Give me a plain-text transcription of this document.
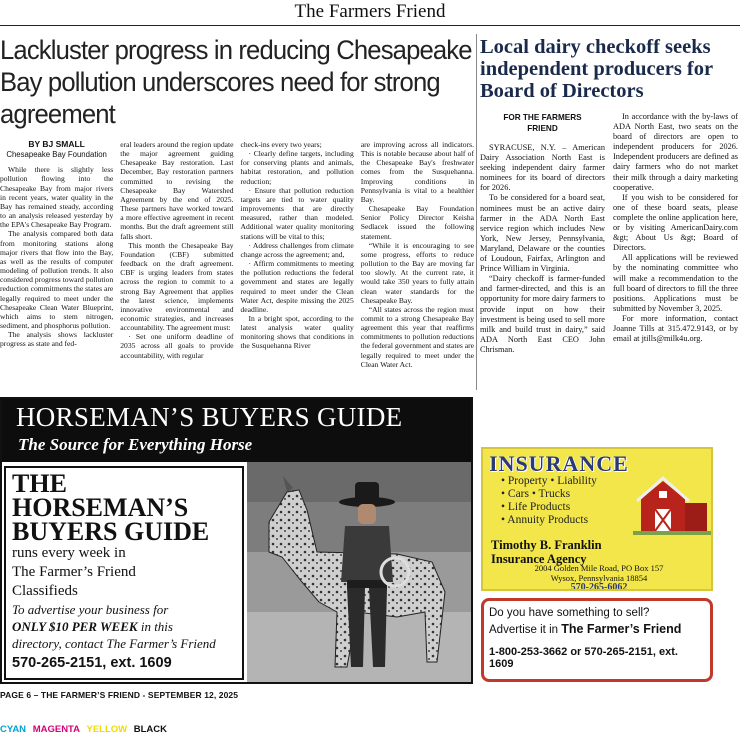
The Farmers Friend
Lackluster progress in reducing Chesapeake Bay pollution underscores need for strong agreement
BY BJ SMALL
Chesapeake Bay Foundation

While there is slightly less pollution flowing into the Chesapeake Bay from major rivers in recent years, water quality in the Bay has remained steady, according to an analysis released yesterday by the EPA's Chesapeake Bay Program.

The analysis compared both data from monitoring stations along major rivers that flow into the Bay, as well as the results of computer modeling of pollution trends. It also considered progress toward pollution reduction commitments the states are legally required to meet under the Chesapeake Clean Water Blueprint, which aims to stem nitrogen, sediment, and phosphorus pollution.

The analysis shows lackluster progress as state and fed-

eral leaders around the region update the major agreement guiding Chesapeake Bay restoration. Last December, Bay restoration partners committed to revising the Chesapeake Bay Watershed Agreement by the end of 2025. These partners have worked toward a more effective agreement in recent months. But the draft agreement still falls short.

This month the Chesapeake Bay Foundation (CBF) submitted feedback on the draft agreement. CBF is urging leaders from states across the region to commit to a strong Bay Agreement that applies the latest science, implements innovative environmental and economic strategies, and increases accountability. The agreement must:

· Set one uniform deadline of 2035 across all goals to provide accountability, with regular

check-ins every two years;

· Clearly define targets, including for conserving plants and animals, habitat restoration, and pollution reduction;

· Ensure that pollution reduction targets are tied to water quality improvements that are directly measured, rather than modeled. Additional water quality monitoring stations will be vital to this;

· Address challenges from climate change across the agreement; and,

· Affirm commitments to meeting the pollution reductions the federal government and states are legally required to meet under the Clean Water Act, despite missing the 2025 deadline.

In a bright spot, according to the latest analysis water quality monitoring shows that conditions in the Susquehanna River

are improving across all indicators. This is notable because about half of the Chesapeake Bay's freshwater comes from the Susquehanna. Improving conditions in Pennsylvania is vital to a healthier Bay.

Chesapeake Bay Foundation Senior Policy Director Keisha Sedlacek issued the following statement.

“While it is encouraging to see some progress, efforts to reduce pollution to the Bay are moving far too slowly. At the current rate, it would take 350 years to fully attain clean water standards for the Chesapeake Bay.

“All states across the region must commit to a strong Chesapeake Bay agreement this year that reaffirms commitments to pollution reductions the federal government and states are legally required to meet under the Clean Water Act.

Local dairy checkoff seeks independent producers for Board of Directors
FOR THE FARMERS
FRIEND

SYRACUSE, N.Y. – American Dairy Association North East is seeking independent dairy farmer nominees for its board of directors for 2026.

To be considered for a board seat, nominees must be an active dairy farmer in the ADA North East service region which includes New York, New Jersey, Pennsylvania, Maryland, Delaware or the counties of Loudoun, Fairfax, Arlington and Prince William in Virginia.

“Dairy checkoff is farmer-funded and farmer-directed, and this is an opportunity for more dairy farmers to provide input on how their investment is being used to sell more milk and build trust in dairy,” said ADA North East CEO John Chrisman.

In accordance with the by-laws of ADA North East, two seats on the board of directors are open to independent producers for 2026. Independent producers are defined as dairy farmers who do not market their milk through a dairy marketing cooperative.

If you wish to be considered for one of these board seats, please complete the online application here, or by visiting AmericanDairy.com &gt; About Us &gt; Board of Directors.

All applications will be reviewed by the nominating committee who will make a recommendation to the full board of directors to fill the three positions. Applications must be submitted by November 3, 2025.

For more information, contact Joanne Tills at 315.472.9143, or by email at jtills@milk4u.org.

HORSEMAN’S BUYERS GUIDE
The Source for Everything Horse
THE
HORSEMAN’S
BUYERS GUIDE
runs every week in
The Farmer’s Friend
Classifieds
To advertise your business for
ONLY $10 PER WEEK in this
directory, contact The Farmer’s Friend
570-265-2151, ext. 1609
INSURANCE
• Property • Liability
• Cars • Trucks
• Life Products
• Annuity Products
Timothy B. Franklin
Insurance Agency
2004 Golden Mile Road, PO Box 157
Wysox, Pennsylvania 18854
570-265-6062
Do you have something to sell?
Advertise it in The Farmer’s Friend
1-800-253-3662 or 570-265-2151, ext. 1609
PAGE 6 – THE FARMER’S FRIEND - SEPTEMBER 12, 2025
CYAN MAGENTA YELLOW BLACK
